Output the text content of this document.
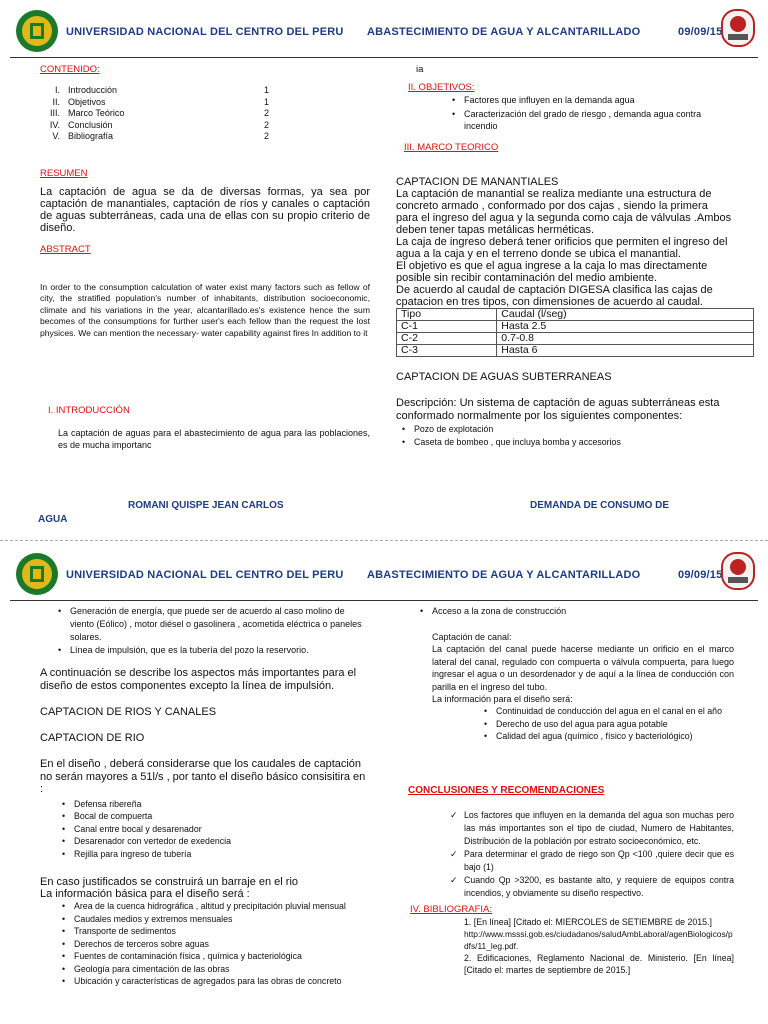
UNIVERSIDAD NACIONAL DEL CENTRO DEL PERU ABASTECIMIENTO DE AGUA Y ALCANTARILLADO	09/09/15
CONTENIDO:
I. Introducción	1
II. Objetivos	1
III. Marco Teórico	2
IV. Conclusión	2
V. Bibliografía	2
RESUMEN

La captación de agua se da de diversas formas, ya sea por captación de manantiales, captación de ríos y canales o captación de aguas subterráneas, cada una de ellas con su propio criterio de diseño.

ABSTRACT

In order to the consumption calculation of water exist many factors such as fellow of city, the stratified population's number of inhabitants, distribution socioeconomic, climate and his variations in the year, alcantarillado.es's existence hence the sum becomes of the consumptions for further user's each fellow than the request the lost physices. We can mention the necessary- water capability against fires In addition to it

I. INTRODUCCIÓN

La captación de aguas para el abastecimiento de agua para las poblaciones, es de mucha importanc

ia
II. OBJETIVOS:
• Factores que influyen en la demanda agua
• Caracterización del grado de riesgo , demanda agua contra incendio
III. MARCO TEORICO
CAPTACION DE MANANTIALES

La captación de manantial se realiza mediante una estructura de concreto armado , conformado por dos cajas , siendo la primera para el ingreso del agua y la segunda como caja de válvulas .Ambos deben tener tapas metálicas herméticas.

La caja de ingreso deberá tener orificios que permiten el ingreso del agua a la caja y en el terreno donde se ubica el manantial.

El objetivo es que el agua ingrese a la caja lo mas directamente posible sin recibir contaminación del medio ambiente.

De acuerdo al caudal de captación DIGESA clasifica las cajas de cpatacion en tres tipos, con dimensiones de acuerdo al caudal.

Tipo	Caudal (l/seg)
C-1	Hasta 2.5
C-2	0.7-0.8
C-3	Hasta 6
CAPTACION DE AGUAS SUBTERRANEAS

Descripción: Un sistema de captación de aguas subterráneas esta conformado normalmente por los siguientes componentes:

• Pozo de explotación
• Caseta de bombeo , que incluya bomba y accesorios
ROMANI QUISPE JEAN CARLOS	DEMANDA DE CONSUMO DE
AGUA
UNIVERSIDAD NACIONAL DEL CENTRO DEL PERU ABASTECIMIENTO DE AGUA Y ALCANTARILLADO	09/09/15
• Generación de energía, que puede ser de acuerdo al caso molino de viento (Eólico) , motor diésel o gasolinera , acometida eléctrica o paneles solares.
• Línea de impulsión, que es la tubería del pozo la reservorio.

A continuación se describe los aspectos más importantes para el diseño de estos componentes excepto la línea de impulsión.

CAPTACION DE RIOS Y CANALES
CAPTACION DE RIO

En el diseño , deberá considerarse que los caudales de captación no serán mayores a 51l/s , por tanto el diseño básico consisitira en :

• Defensa ribereña
• Bocal de compuerta
• Canal entre bocal y desarenador
• Desarenador con vertedor de exedencia
• Rejilla para ingreso de tubería

En caso justificados se construirá un barraje en el rio

La información básica para el diseño será :

• Area de la cuenca hidrográfica , altitud y precipitación pluvial mensual
• Caudales medios y extremos mensuales
• Transporte de sedimentos
• Derechos de terceros sobre aguas
• Fuentes de contaminación física , química y bacteriológica
• Geología para cimentación de las obras
• Ubicación y características de agregados para las obras de concreto
• Acceso a la zona de construcción
Captación de canal:

La captación del canal puede hacerse mediante un orificio en el marco lateral del canal, regulado con compuerta o válvula compuerta, para luego ingresar el agua o un desordenador y de aquí a la línea de conducción con parilla en el ingreso del tubo.

La información para el diseño será:
• Continuidad de conducción del agua en el canal en el año
• Derecho de uso del agua para agua potable
• Calidad del agua (químico , físico y bacteriológico)
CONCLUSIONES Y RECOMENDACIONES
✓ Los factores que influyen en la demanda del agua son muchas pero las más importantes son el tipo de ciudad, Numero de Habitantes, Distribución de la población por estrato socioeconómico, etc.
✓ Para determinar el grado de riego son Qp <100 ,quiere decir que es bajo (1)
✓ Cuando Qp >3200, es bastante alto, y requiere de equipos contra incendios, y obviamente su diseño respectivo.
IV. BIBLIOGRAFIA:

1. [En línea] [Citado el: MIERCOLES de SETIEMBRE de 2015.]

http://www.msssi.gob.es/ciudadanos/saludAmbLaboral/agenBiologicos/pdfs/11_leg.pdf.

2. Edificaciones, Reglamento Nacional de. Ministerio. [En línea] [Citado el: martes de septiembre de 2015.]
